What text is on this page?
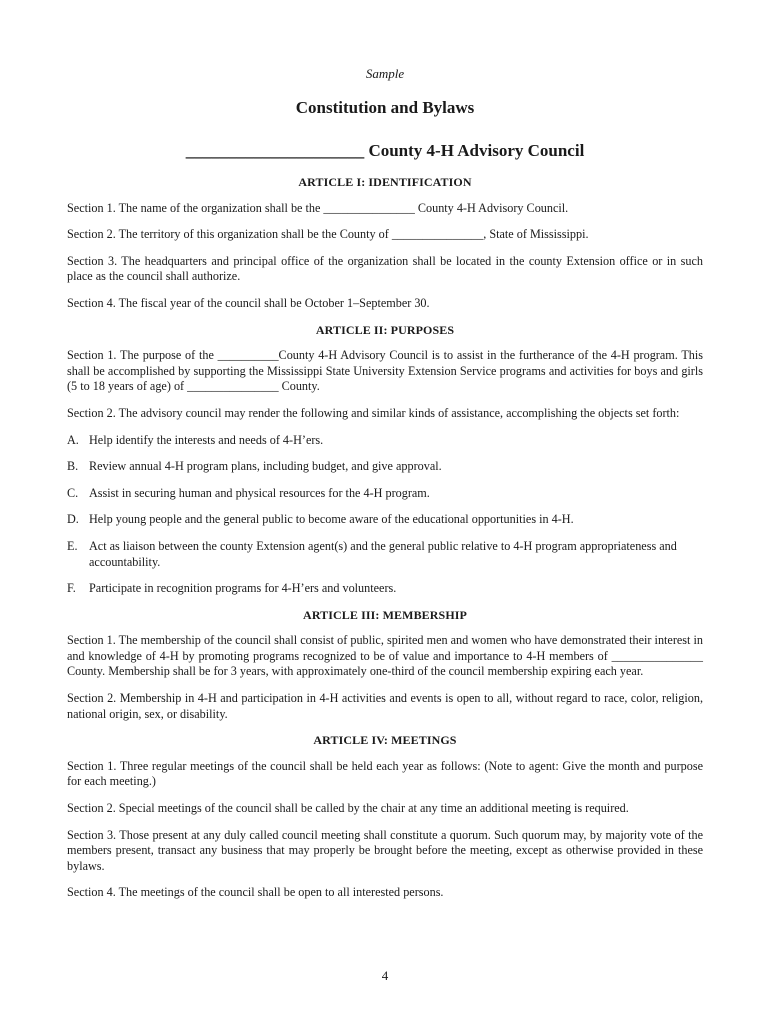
Sample
Constitution and Bylaws
_____________________ County 4-H Advisory Council
ARTICLE I: IDENTIFICATION

Section 1. The name of the organization shall be the _______________ County 4-H Advisory Council.

Section 2. The territory of this organization shall be the County of _______________, State of Mississippi.

Section 3. The headquarters and principal office of the organization shall be located in the county Extension office or in such place as the council shall authorize.

Section 4. The fiscal year of the council shall be October 1–September 30.

ARTICLE II: PURPOSES

Section 1. The purpose of the __________County 4-H Advisory Council is to assist in the furtherance of the 4-H program. This shall be accomplished by supporting the Mississippi State University Extension Service programs and activities for boys and girls (5 to 18 years of age) of _______________ County.

Section 2. The advisory council may render the following and similar kinds of assistance, accomplishing the objects set forth:

A. Help identify the interests and needs of 4-H’ers.
B. Review annual 4-H program plans, including budget, and give approval.
C. Assist in securing human and physical resources for the 4-H program.
D. Help young people and the general public to become aware of the educational opportunities in 4-H.
E. Act as liaison between the county Extension agent(s) and the general public relative to 4-H program appropriateness and accountability.
F.	Participate in recognition programs for 4-H’ers and volunteers.
ARTICLE III: MEMBERSHIP

Section 1. The membership of the council shall consist of public, spirited men and women who have demonstrated their interest in and knowledge of 4-H by promoting programs recognized to be of value and importance to 4-H members of _______________ County. Membership shall be for 3 years, with approximately one-third of the council membership expiring each year.

Section 2. Membership in 4-H and participation in 4-H activities and events is open to all, without regard to race, color, religion, national origin, sex, or disability.

ARTICLE IV: MEETINGS

Section 1. Three regular meetings of the council shall be held each year as follows: (Note to agent: Give the month and purpose for each meeting.)

Section 2. Special meetings of the council shall be called by the chair at any time an additional meeting is required.

Section 3. Those present at any duly called council meeting shall constitute a quorum. Such quorum may, by majority vote of the members present, transact any business that may properly be brought before the meeting, except as otherwise provided in these bylaws.

Section 4. The meetings of the council shall be open to all interested persons.

4
